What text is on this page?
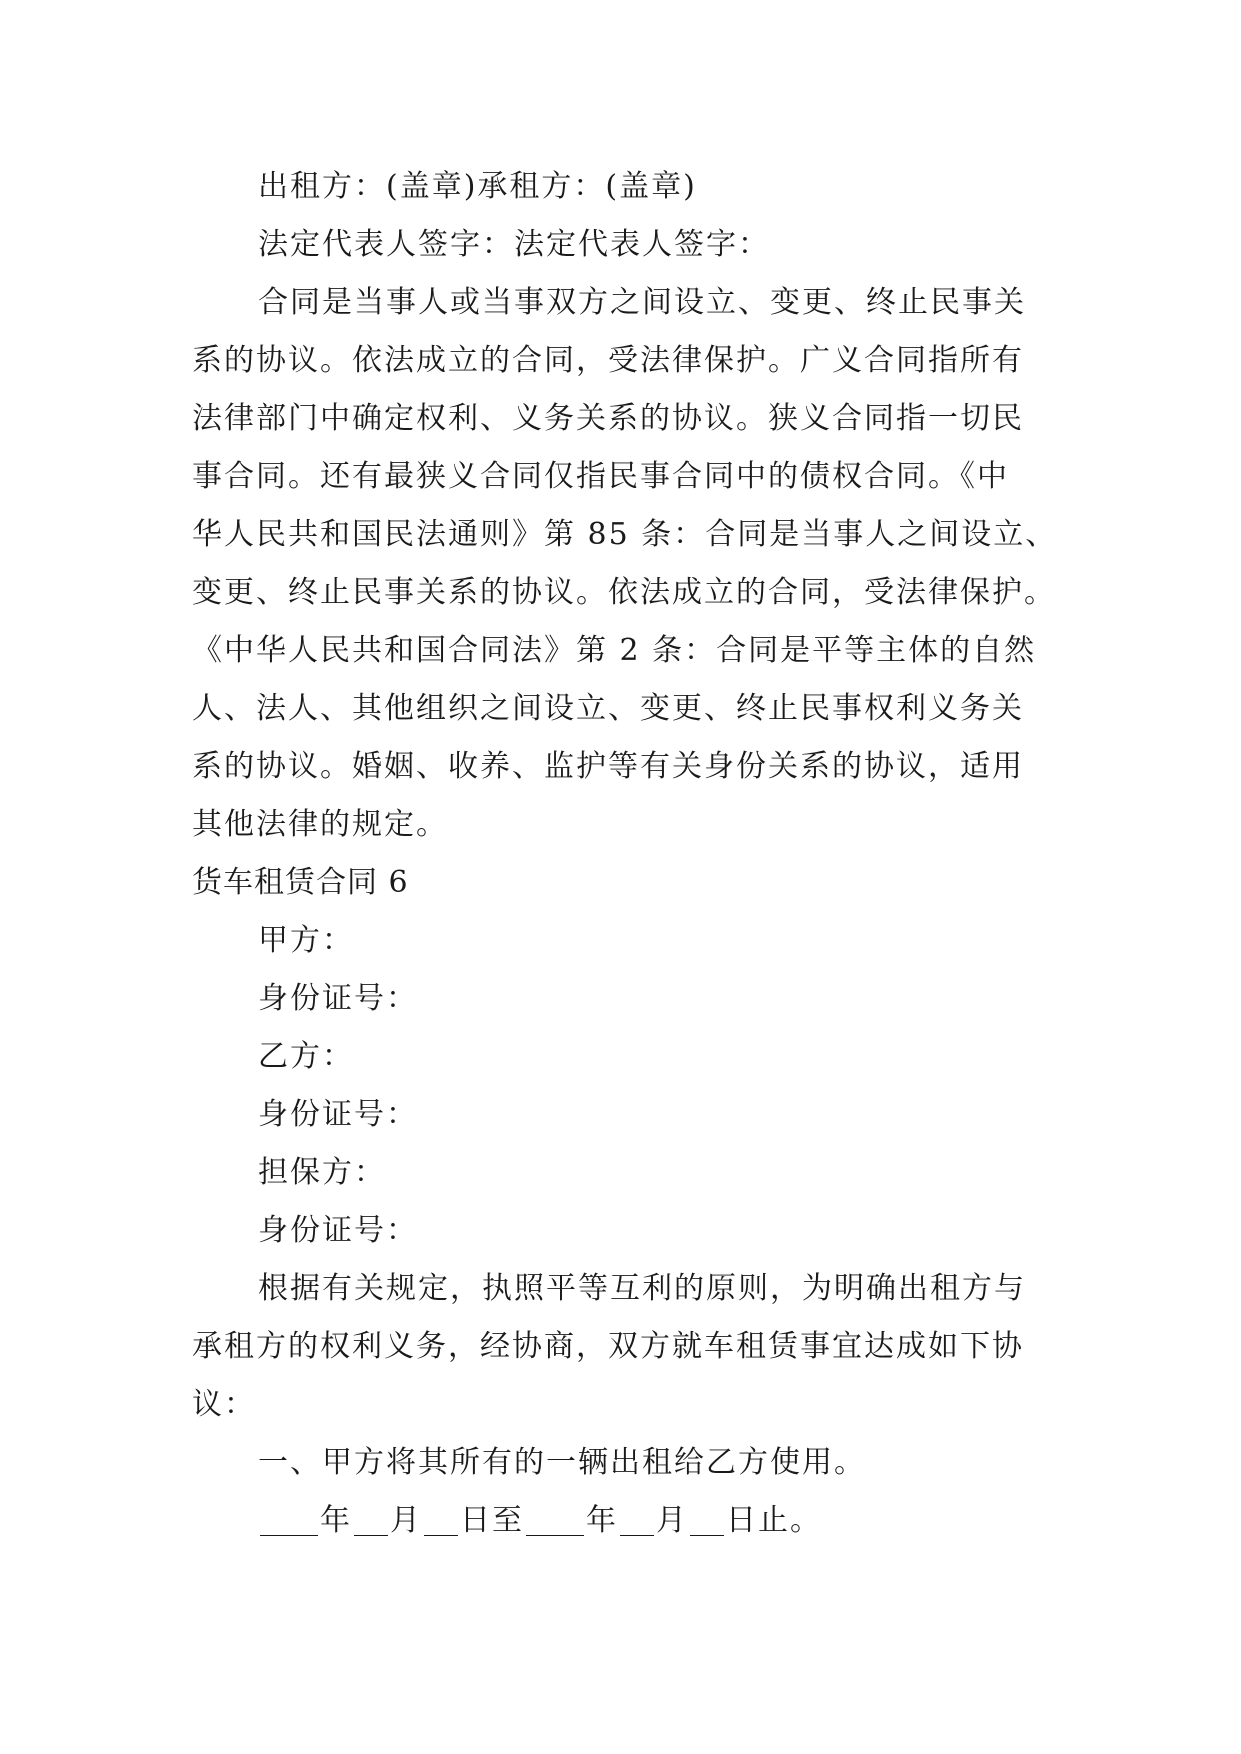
出租方：(盖章)承租方：(盖章)
法定代表人签字：法定代表人签字：
合同是当事人或当事双方之间设立、变更、终止民事关
系的协议。依法成立的合同，受法律保护。广义合同指所有
法律部门中确定权利、义务关系的协议。狭义合同指一切民
事合同。还有最狭义合同仅指民事合同中的债权合同。《中
华人民共和国民法通则》第 85 条：合同是当事人之间设立、
变更、终止民事关系的协议。依法成立的合同，受法律保护。
《中华人民共和国合同法》第 2 条：合同是平等主体的自然
人、法人、其他组织之间设立、变更、终止民事权利义务关
系的协议。婚姻、收养、监护等有关身份关系的协议，适用
其他法律的规定。
货车租赁合同 6
甲方：
身份证号：
乙方：
身份证号：
担保方：
身份证号：
根据有关规定，执照平等互利的原则，为明确出租方与
承租方的权利义务，经协商，双方就车租赁事宜达成如下协
议：
一、甲方将其所有的一辆出租给乙方使用。
年 月 日至 年 月 日止。
